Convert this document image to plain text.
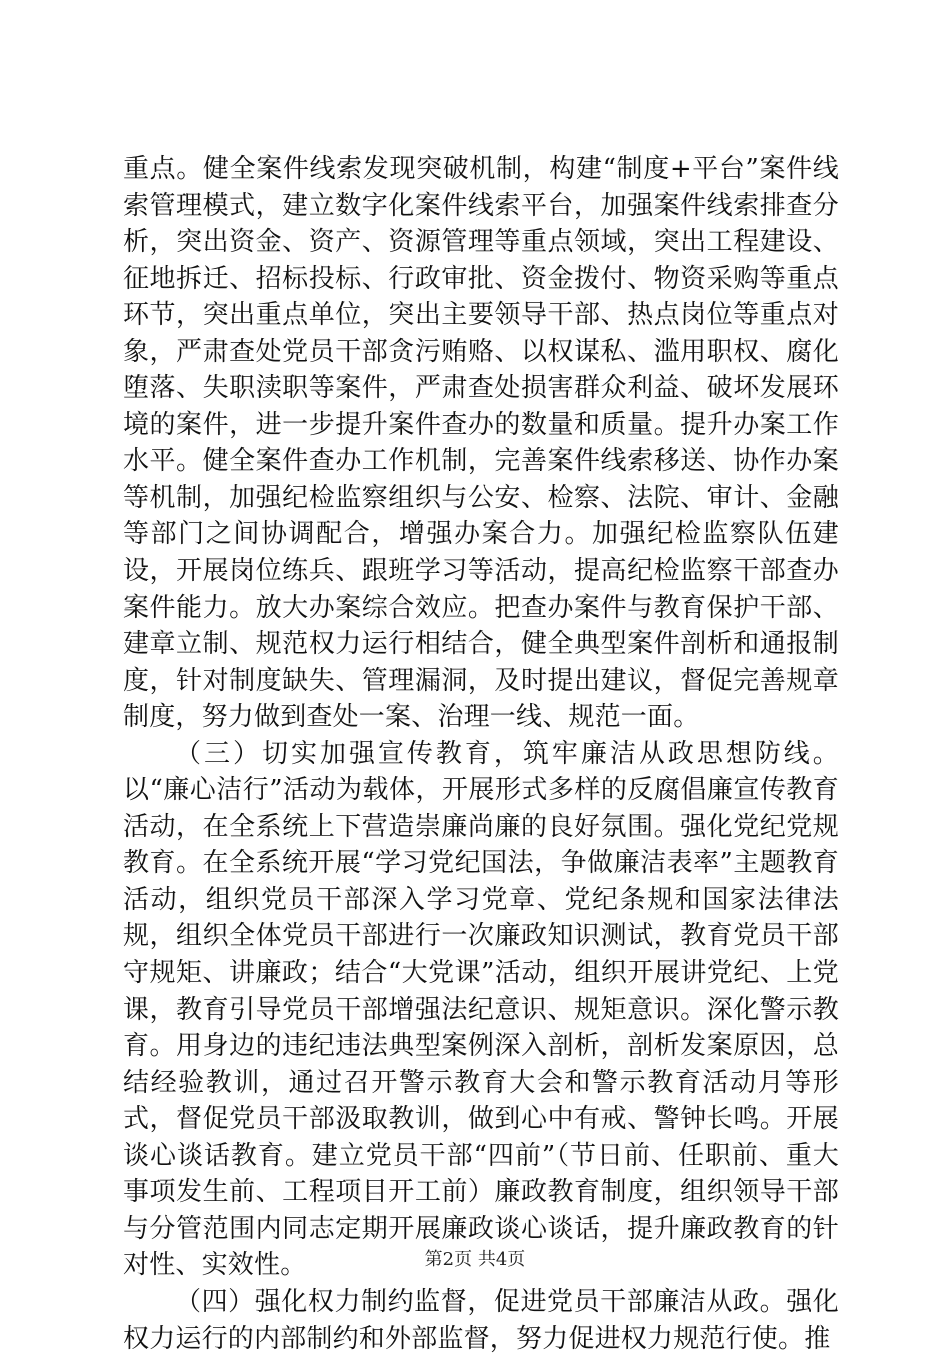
重点。健全案件线索发现突破机制，构建“制度+平台”案件线索管理模式，建立数字化案件线索平台，加强案件线索排查分析，突出资金、资产、资源管理等重点领域，突出工程建设、征地拆迁、招标投标、行政审批、资金拨付、物资采购等重点环节，突出重点单位，突出主要领导干部、热点岗位等重点对象，严肃查处党员干部贪污贿赂、以权谋私、滥用职权、腐化堕落、失职渎职等案件，严肃查处损害群众利益、破坏发展环境的案件，进一步提升案件查办的数量和质量。提升办案工作水平。健全案件查办工作机制，完善案件线索移送、协作办案等机制，加强纪检监察组织与公安、检察、法院、审计、金融等部门之间协调配合，增强办案合力。加强纪检监察队伍建设，开展岗位练兵、跟班学习等活动，提高纪检监察干部查办案件能力。放大办案综合效应。把查办案件与教育保护干部、建章立制、规范权力运行相结合，健全典型案件剖析和通报制度，针对制度缺失、管理漏洞，及时提出建议，督促完善规章制度，努力做到查处一案、治理一线、规范一面。

（三）切实加强宣传教育，筑牢廉洁从政思想防线。以“廉心洁行”活动为载体，开展形式多样的反腐倡廉宣传教育活动，在全系统上下营造崇廉尚廉的良好氛围。强化党纪党规教育。在全系统开展“学习党纪国法，争做廉洁表率”主题教育活动，组织党员干部深入学习党章、党纪条规和国家法律法规，组织全体党员干部进行一次廉政知识测试，教育党员干部守规矩、讲廉政；结合“大党课”活动，组织开展讲党纪、上党课，教育引导党员干部增强法纪意识、规矩意识。深化警示教育。用身边的违纪违法典型案例深入剖析，剖析发案原因，总结经验教训，通过召开警示教育大会和警示教育活动月等形式，督促党员干部汲取教训，做到心中有戒、警钟长鸣。开展谈心谈话教育。建立党员干部“四前”（节日前、任职前、重大事项发生前、工程项目开工前）廉政教育制度，组织领导干部与分管范围内同志定期开展廉政谈心谈话，提升廉政教育的针对性、实效性。

（四）强化权力制约监督，促进党员干部廉洁从政。强化权力运行的内部制约和外部监督，努力促进权力规范行使。推

第2页 共4页
